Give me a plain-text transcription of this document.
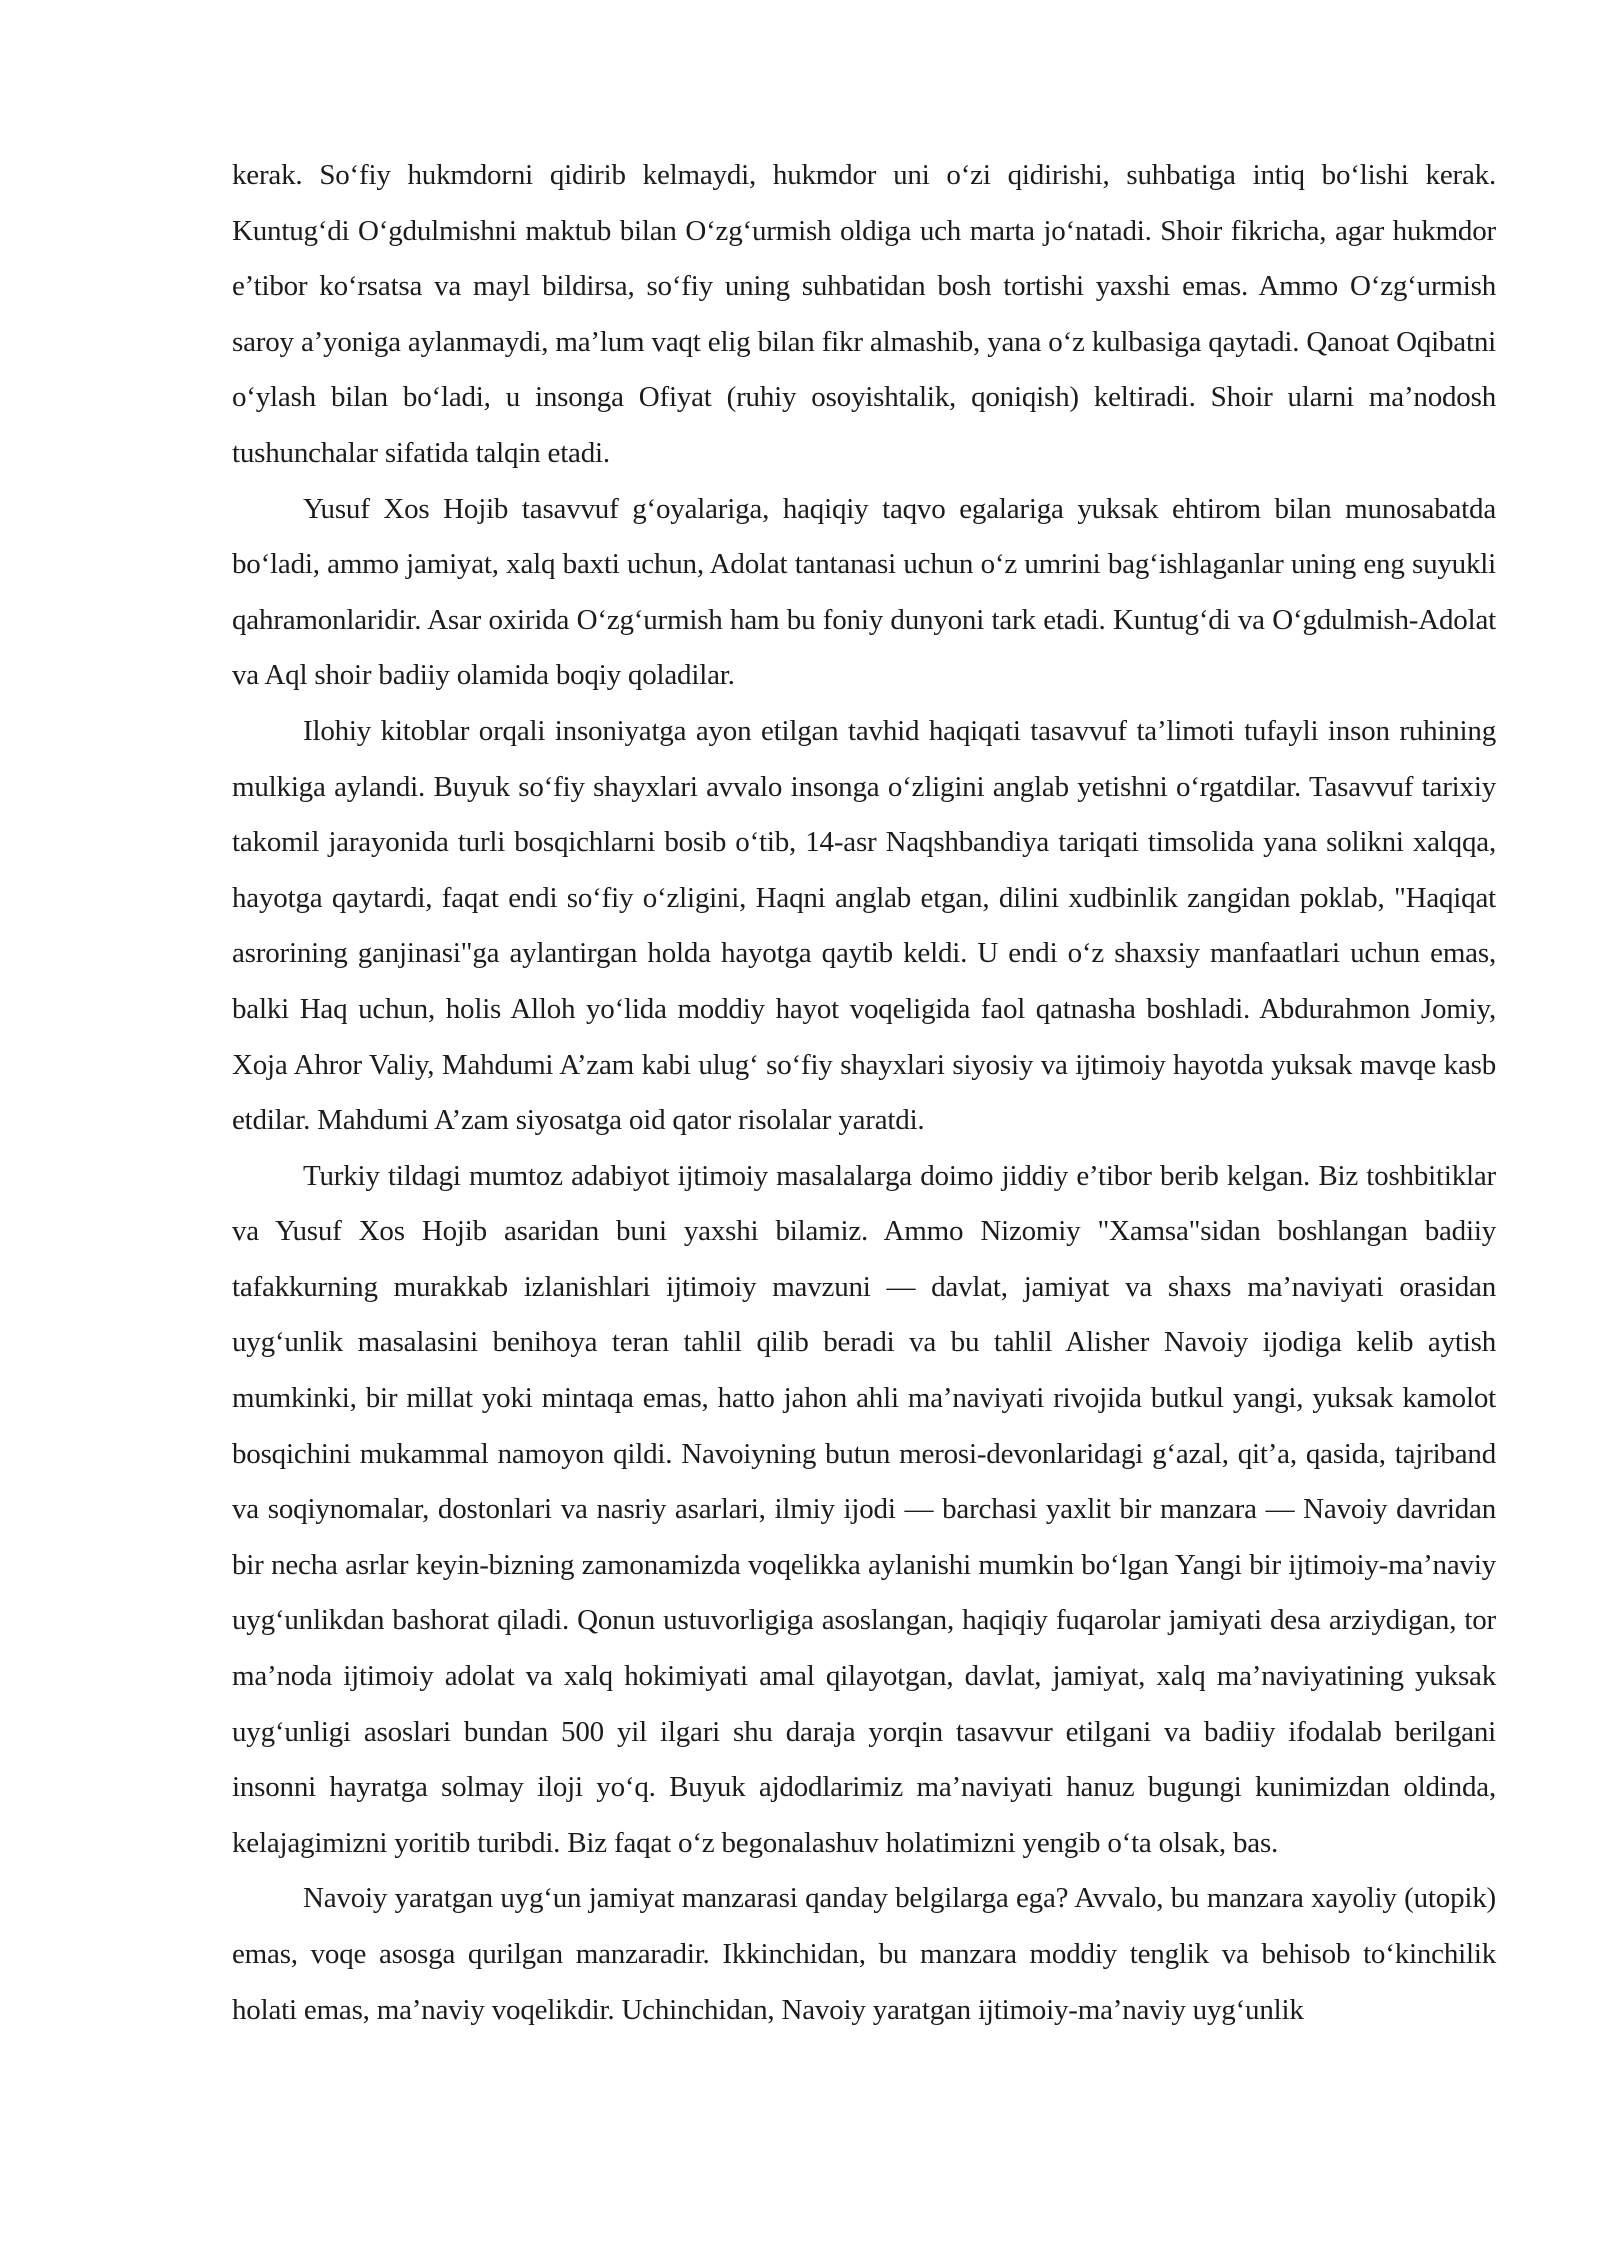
kerak. So‘fiy hukmdorni qidirib kelmaydi, hukmdor uni o‘zi qidirishi, suhbatiga intiq bo‘lishi kerak. Kuntug‘di O‘gdulmishni maktub bilan O‘zg‘urmish oldiga uch marta jo‘natadi. Shoir fikricha, agar hukmdor e’tibor ko‘rsatsa va mayl bildirsa, so‘fiy uning suhbatidan bosh tortishi yaxshi emas. Ammo O‘zg‘urmish saroy a’yoniga aylanmaydi, ma’lum vaqt elig bilan fikr almashib, yana o‘z kulbasiga qaytadi. Qanoat Oqibatni o‘ylash bilan bo‘ladi, u insonga Ofiyat (ruhiy osoyishtalik, qoniqish) keltiradi. Shoir ularni ma’nodosh tushunchalar sifatida talqin etadi.

Yusuf Xos Hojib tasavvuf g‘oyalariga, haqiqiy taqvo egalariga yuksak ehtirom bilan munosabatda bo‘ladi, ammo jamiyat, xalq baxti uchun, Adolat tantanasi uchun o‘z umrini bag‘ishlaganlar uning eng suyukli qahramonlaridir. Asar oxirida O‘zg‘urmish ham bu foniy dunyoni tark etadi. Kuntug‘di va O‘gdulmish-Adolat va Aql shoir badiiy olamida boqiy qoladilar.

Ilohiy kitoblar orqali insoniyatga ayon etilgan tavhid haqiqati tasavvuf ta’limoti tufayli inson ruhining mulkiga aylandi. Buyuk so‘fiy shayxlari avvalo insonga o‘zligini anglab yetishni o‘rgatdilar. Tasavvuf tarixiy takomil jarayonida turli bosqichlarni bosib o‘tib, 14-asr Naqshbandiya tariqati timsolida yana solikni xalqqa, hayotga qaytardi, faqat endi so‘fiy o‘zligini, Haqni anglab etgan, dilini xudbinlik zangidan poklab, "Haqiqat asrorining ganjinasi"ga aylantirgan holda hayotga qaytib keldi. U endi o‘z shaxsiy manfaatlari uchun emas, balki Haq uchun, holis Alloh yo‘lida moddiy hayot voqeligida faol qatnasha boshladi. Abdurahmon Jomiy, Xoja Ahror Valiy, Mahdumi A’zam kabi ulug‘ so‘fiy shayxlari siyosiy va ijtimoiy hayotda yuksak mavqe kasb etdilar. Mahdumi A’zam siyosatga oid qator risolalar yaratdi.

Turkiy tildagi mumtoz adabiyot ijtimoiy masalalarga doimo jiddiy e’tibor berib kelgan. Biz toshbitiklar va Yusuf Xos Hojib asaridan buni yaxshi bilamiz. Ammo Nizomiy "Xamsa"sidan boshlangan badiiy tafakkurning murakkab izlanishlari ijtimoiy mavzuni — davlat, jamiyat va shaxs ma’naviyati orasidan uyg‘unlik masalasini benihoya teran tahlil qilib beradi va bu tahlil Alisher Navoiy ijodiga kelib aytish mumkinki, bir millat yoki mintaqa emas, hatto jahon ahli ma’naviyati rivojida butkul yangi, yuksak kamolot bosqichini mukammal namoyon qildi. Navoiyning butun merosi-devonlaridagi g‘azal, qit’a, qasida, tajriband va soqiynomalar, dostonlari va nasriy asarlari, ilmiy ijodi — barchasi yaxlit bir manzara — Navoiy davridan bir necha asrlar keyin-bizning zamonamizda voqelikka aylanishi mumkin bo‘lgan Yangi bir ijtimoiy-ma’naviy uyg‘unlikdan bashorat qiladi. Qonun ustuvorligiga asoslangan, haqiqiy fuqarolar jamiyati desa arziydigan, tor ma’noda ijtimoiy adolat va xalq hokimiyati amal qilayotgan, davlat, jamiyat, xalq ma’naviyatining yuksak uyg‘unligi asoslari bundan 500 yil ilgari shu daraja yorqin tasavvur etilgani va badiiy ifodalab berilgani insonni hayratga solmay iloji yo‘q. Buyuk ajdodlarimiz ma’naviyati hanuz bugungi kunimizdan oldinda, kelajagimizni yoritib turibdi. Biz faqat o‘z begonalashuv holatimizni yengib o‘ta olsak, bas.

Navoiy yaratgan uyg‘un jamiyat manzarasi qanday belgilarga ega? Avvalo, bu manzara xayoliy (utopik) emas, voqe asosga qurilgan manzaradir. Ikkinchidan, bu manzara moddiy tenglik va behisob to‘kinchilik holati emas, ma’naviy voqelikdir. Uchinchidan, Navoiy yaratgan ijtimoiy-ma’naviy uyg‘unlik
